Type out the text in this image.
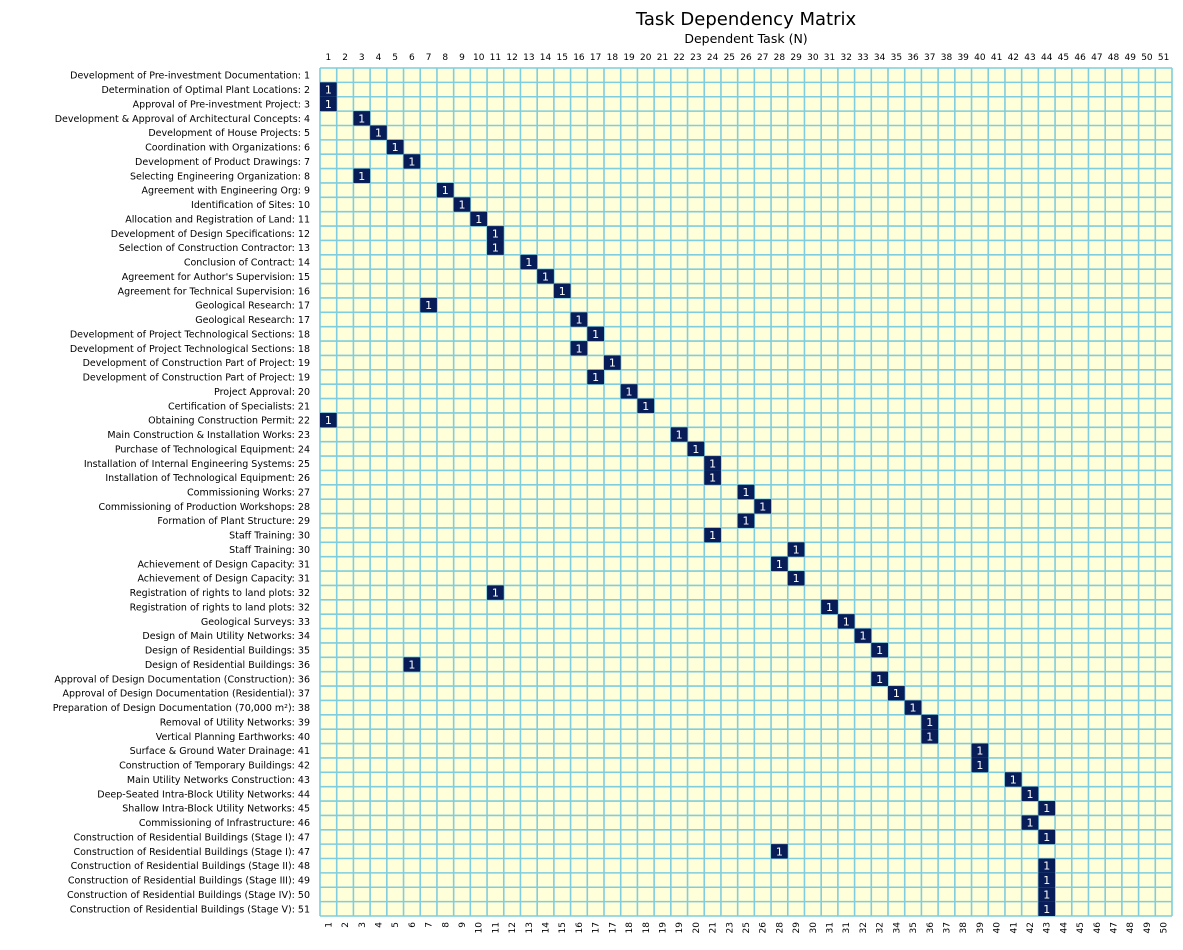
Task Dependency Matrix
Dependent Task (N)
1
1
1
1
1
1
1
1
1
1
1
1
1
1
1
1
1
1
1
1
1
1
1
1
1
1
1
1
1
1
1
1
1
1
1
1
1
1
1
1
1
1
1
1
1
1
1
1
1
1
1
1
1
1
1
1
1
1
1 2 3 4 5 6 7 8 9 10 11 12 13 14 15 16 17 18 19 20 21 22 23 24 25 26 27 28 29 30 31 32 33 34 35 36 37 38 39 40 41 42 43 44 45 46 47 48 49 50 51
1 2 3 4 5 6 7 8 9 10 11 12 13 14 15 16 17 17 18 18 19 19 20 21 23 25 26 28 29 30 31 31 32 32 34 35 36 37 38 39 40 41 42 43 44 45 46 47 48 49 50
Development of Pre-investment Documentation: 1
Determination of Optimal Plant Locations: 2
Approval of Pre-investment Project: 3
Development & Approval of Architectural Concepts: 4
Development of House Projects: 5
Coordination with Organizations: 6
Development of Product Drawings: 7
Selecting Engineering Organization: 8
Agreement with Engineering Org: 9
Identification of Sites: 10
Allocation and Registration of Land: 11
Development of Design Specifications: 12
Selection of Construction Contractor: 13
Conclusion of Contract: 14
Agreement for Author's Supervision: 15
Agreement for Technical Supervision: 16
Geological Research: 17
Geological Research: 17
Development of Project Technological Sections: 18
Development of Project Technological Sections: 18
Development of Construction Part of Project: 19
Development of Construction Part of Project: 19
Project Approval: 20
Certification of Specialists: 21
Obtaining Construction Permit: 22
Main Construction & Installation Works: 23
Purchase of Technological Equipment: 24
Installation of Internal Engineering Systems: 25
Installation of Technological Equipment: 26
Commissioning Works: 27
Commissioning of Production Workshops: 28
Formation of Plant Structure: 29
Staff Training: 30
Staff Training: 30
Achievement of Design Capacity: 31
Achievement of Design Capacity: 31
Registration of rights to land plots: 32
Registration of rights to land plots: 32
Geological Surveys: 33
Design of Main Utility Networks: 34
Design of Residential Buildings: 35
Design of Residential Buildings: 36
Approval of Design Documentation (Construction): 36
Approval of Design Documentation (Residential): 37
Preparation of Design Documentation (70,000 m²): 38
Removal of Utility Networks: 39
Vertical Planning Earthworks: 40
Surface & Ground Water Drainage: 41
Construction of Temporary Buildings: 42
Main Utility Networks Construction: 43
Deep-Seated Intra-Block Utility Networks: 44
Shallow Intra-Block Utility Networks: 45
Commissioning of Infrastructure: 46
Construction of Residential Buildings (Stage I): 47
Construction of Residential Buildings (Stage I): 47
Construction of Residential Buildings (Stage II): 48
Construction of Residential Buildings (Stage III): 49
Construction of Residential Buildings (Stage IV): 50
Construction of Residential Buildings (Stage V): 51
